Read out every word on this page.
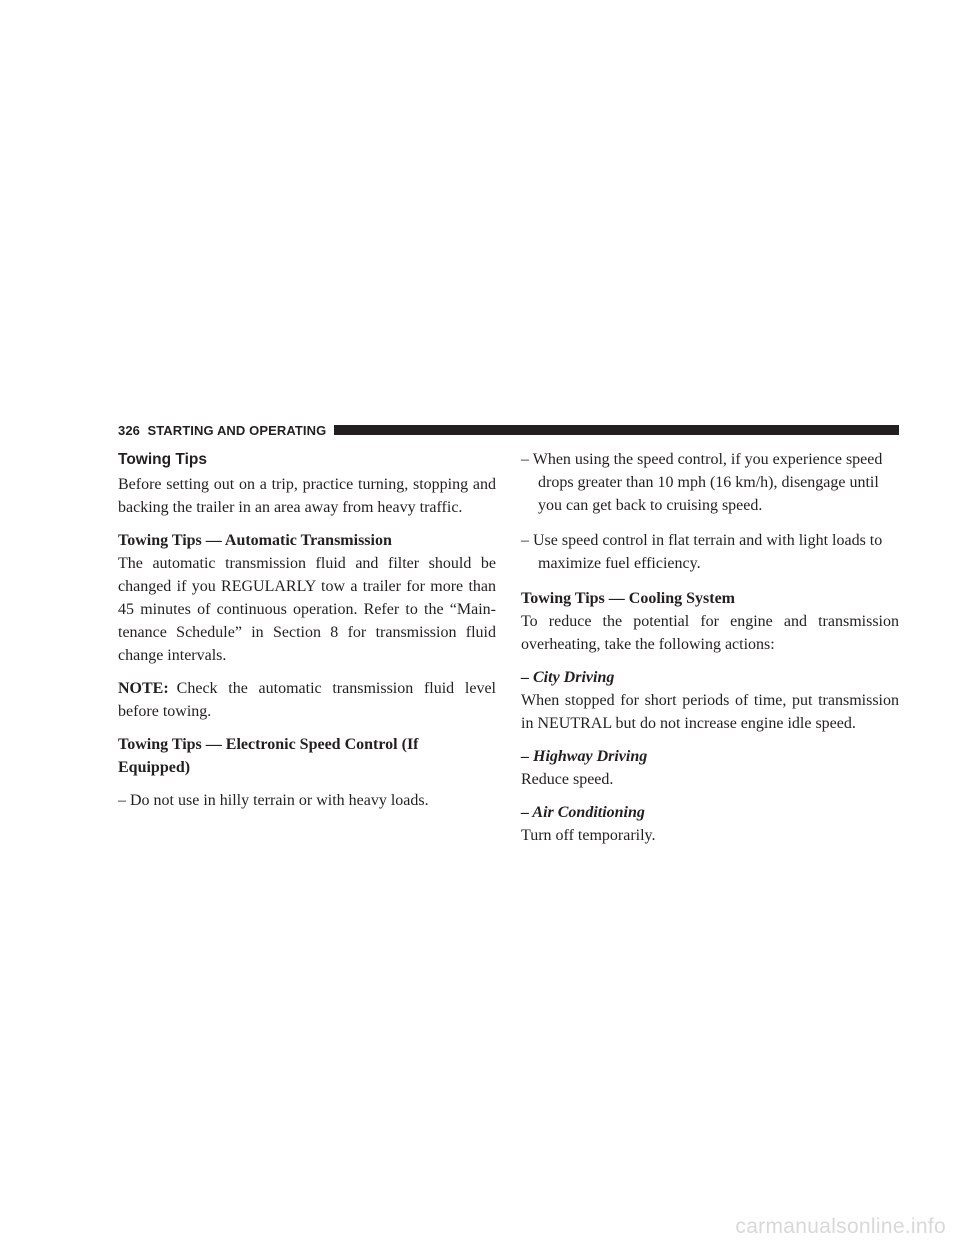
326 STARTING AND OPERATING
Towing Tips

Before setting out on a trip, practice turning, stopping and backing the trailer in an area away from heavy traffic.

Towing Tips — Automatic Transmission

The automatic transmission fluid and filter should be changed if you REGULARLY tow a trailer for more than 45 minutes of continuous operation. Refer to the “Main-tenance Schedule” in Section 8 for transmission fluid change intervals.

NOTE: Check the automatic transmission fluid level before towing.

Towing Tips — Electronic Speed Control (If
Equipped)

– Do not use in hilly terrain or with heavy loads.

– When using the speed control, if you experience speed drops greater than 10 mph (16 km/h), disengage until you can get back to cruising speed.

– Use speed control in flat terrain and with light loads to maximize fuel efficiency.

Towing Tips — Cooling System

To reduce the potential for engine and transmission overheating, take the following actions:

– City Driving

When stopped for short periods of time, put transmission in NEUTRAL but do not increase engine idle speed.

– Highway Driving

Reduce speed.

– Air Conditioning

Turn off temporarily.

carmanualsonline.info
